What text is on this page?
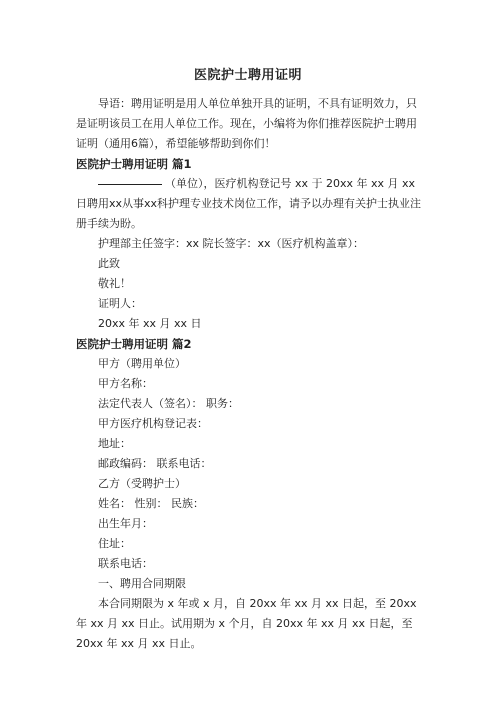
医院护士聘用证明

导语：聘用证明是用人单位单独开具的证明，不具有证明效力，只是证明该员工在用人单位工作。现在，小编将为你们推荐医院护士聘用证明（通用6篇），希望能够帮助到你们！

医院护士聘用证明 篇1

（单位），医疗机构登记号 xx 于 20xx 年 xx 月 xx 日聘用xx从事xx科护理专业技术岗位工作，请予以办理有关护士执业注册手续为盼。

护理部主任签字：xx 院长签字：xx（医疗机构盖章）：

此致

敬礼！

证明人：

20xx 年 xx 月 xx 日

医院护士聘用证明 篇2

甲方（聘用单位）

甲方名称：

法定代表人（签名）： 职务：

甲方医疗机构登记表：

地址：

邮政编码： 联系电话：

乙方（受聘护士）

姓名： 性别： 民族：

出生年月：

住址：

联系电话：

一、聘用合同期限

本合同期限为 x 年或 x 月，自 20xx 年 xx 月 xx 日起，至 20xx 年 xx 月 xx 日止。试用期为 x 个月，自 20xx 年 xx 月 xx 日起，至 20xx 年 xx 月 xx 日止。
